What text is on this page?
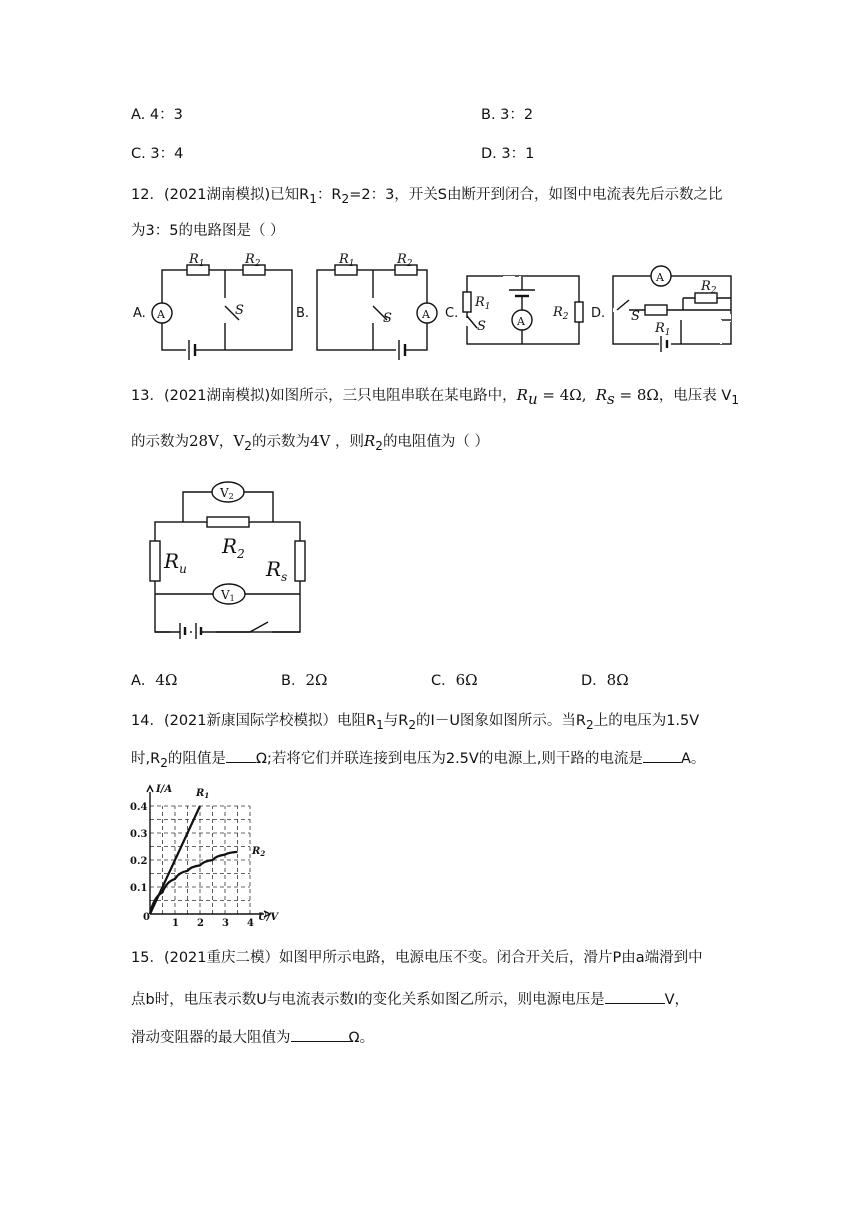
A. 4：3	B. 3：2
C. 3：4	D. 3：1
12．(2021湖南模拟)已知$R_1$：$R_2=2$：3，开关S由断开到闭合，如图中电流表先后示数之比
为3：5的电路图是（ ）
A.	B.	C.	D.
A	A
A
A
$R_1$	$R_2$
S
$R_1$	$R_2$
S
$R_1$	$R_2$
S	$R_1$
$R_2$
S
13．(2021湖南模拟)如图所示，三只电阻串联在某电路中，$R_u = 4\Omega$, $R_s = 8\Omega$，电压表 $V_1$
的示数为28V，$V_2$的示数为4V ，则$R_2$的电阻值为（ ）
V2
V1
$R_2$
$R_u$	$R_s$
A．4Ω	B．2Ω	C．6Ω	D．8Ω
14．(2021新康国际学校模拟）电阻$R_1$与$R_2$的I－U图象如图所示。当$R_2$上的电压为1.5V
时$,R_2$的阻值是 Ω;若将它们并联连接到电压为2.5V的电源上,则干路的电流是	A。
1 2 3 4
0.1
0.2
0.3
0.4
I/A
U/V
$R_1$
$R_2$
0
15．(2021重庆二模）如图甲所示电路，电源电压不变。闭合开关后，滑片P由a端滑到中
点b时，电压表示数U与电流表示数I的变化关系如图乙所示，则电源电压是	V，
滑动变阻器的最大阻值为	Ω。
